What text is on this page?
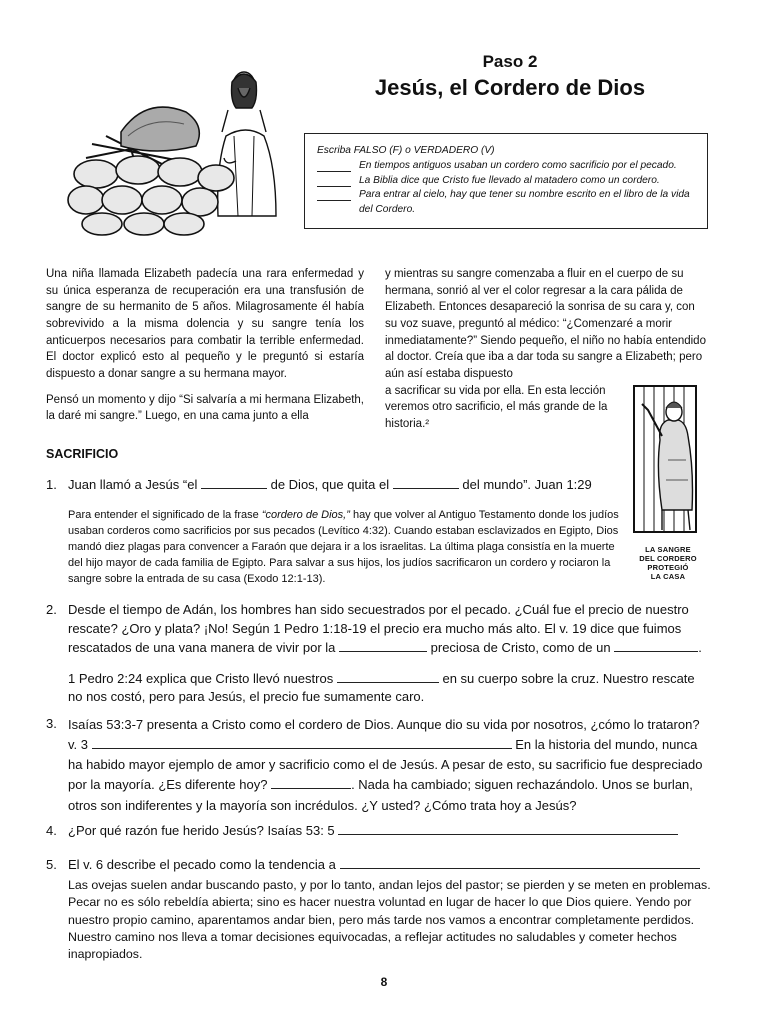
Paso 2
Jesús, el Cordero de Dios
Escriba FALSO (F) o VERDADERO (V)
En tiempos antiguos usaban un cordero como sacrificio por el pecado.
La Biblia dice que Cristo fue llevado al matadero como un cordero.
Para entrar al cielo, hay que tener su nombre escrito en el libro de la vida del Cordero.

Una niña llamada Elizabeth padecía una rara enfermedad y su única esperanza de recuperación era una transfusión de sangre de su hermanito de 5 años. Milagrosamente él había sobrevivido a la misma dolencia y su sangre tenía los anticuerpos necesarios para combatir la terrible enfermedad. El doctor explicó esto al pequeño y le preguntó si estaría dispuesto a donar sangre a su hermana mayor.

Pensó un momento y dijo “Si salvaría a mi hermana Elizabeth, la daré mi sangre.” Luego, en una cama junto a ella

y mientras su sangre comenzaba a fluir en el cuerpo de su hermana, sonrió al ver el color regresar a la cara pálida de Elizabeth. Entonces desapareció la sonrisa de su cara y, con su voz suave, preguntó al médico: “¿Comenzaré a morir inmediatamente?” Siendo pequeño, el niño no había entendido al doctor. Creía que iba a dar toda su sangre a Elizabeth; pero aún así estaba dispuesto

a sacrificar su vida por ella. En esta lección veremos otro sacrificio, el más grande de la historia.²

LA SANGRE
DEL CORDERO
PROTEGIÓ
LA CASA
SACRIFICIO
1. Juan llamó a Jesús “el	de Dios, que quita el	del mundo”. Juan 1:29
Para entender el significado de la frase “cordero de Dios,” hay que volver al Antiguo Testamento donde los judíos usaban corderos como sacrificios por sus pecados (Levítico 4:32). Cuando estaban esclavizados en Egipto, Dios mandó diez plagas para convencer a Faraón que dejara ir a los israelitas. La última plaga consistía en la muerte del hijo mayor de cada familia de Egipto. Para salvar a sus hijos, los judíos sacrificaron un cordero y rociaron la sangre sobre la entrada de su casa (Exodo 12:1-13).
2. Desde el tiempo de Adán, los hombres han sido secuestrados por el pecado. ¿Cuál fue el precio de nuestro rescate? ¿Oro y plata? ¡No! Según 1 Pedro 1:18-19 el precio era mucho más alto. El v. 19 dice que fuimos rescatados de una vana manera de vivir por la	preciosa de Cristo, como de un	.
1 Pedro 2:24 explica que Cristo llevó nuestros	en su cuerpo sobre la cruz. Nuestro rescate no nos costó, pero para Jesús, el precio fue sumamente caro.
3. Isaías 53:3-7 presenta a Cristo como el cordero de Dios. Aunque dio su vida por nosotros, ¿cómo lo trataron? v. 3	En la historia del mundo, nunca ha habido mayor ejemplo de amor y sacrificio como el de Jesús. A pesar de esto, su sacrificio fue despreciado por la mayoría. ¿Es diferente hoy?	. Nada ha cambiado; siguen rechazándolo. Unos se burlan, otros son indiferentes y la mayoría son incrédulos. ¿Y usted? ¿Cómo trata hoy a Jesús?
4. ¿Por qué razón fue herido Jesús? Isaías 53: 5
5. El v. 6 describe el pecado como la tendencia a
Las ovejas suelen andar buscando pasto, y por lo tanto, andan lejos del pastor; se pierden y se meten en problemas. Pecar no es sólo rebeldía abierta; sino es hacer nuestra voluntad en lugar de hacer lo que Dios quiere. Yendo por nuestro propio camino, aparentamos andar bien, pero más tarde nos vamos a encontrar completamente perdidos. Nuestro camino nos lleva a tomar decisiones equivocadas, a reflejar actitudes no saludables y cometer hechos inapropiados.
8
